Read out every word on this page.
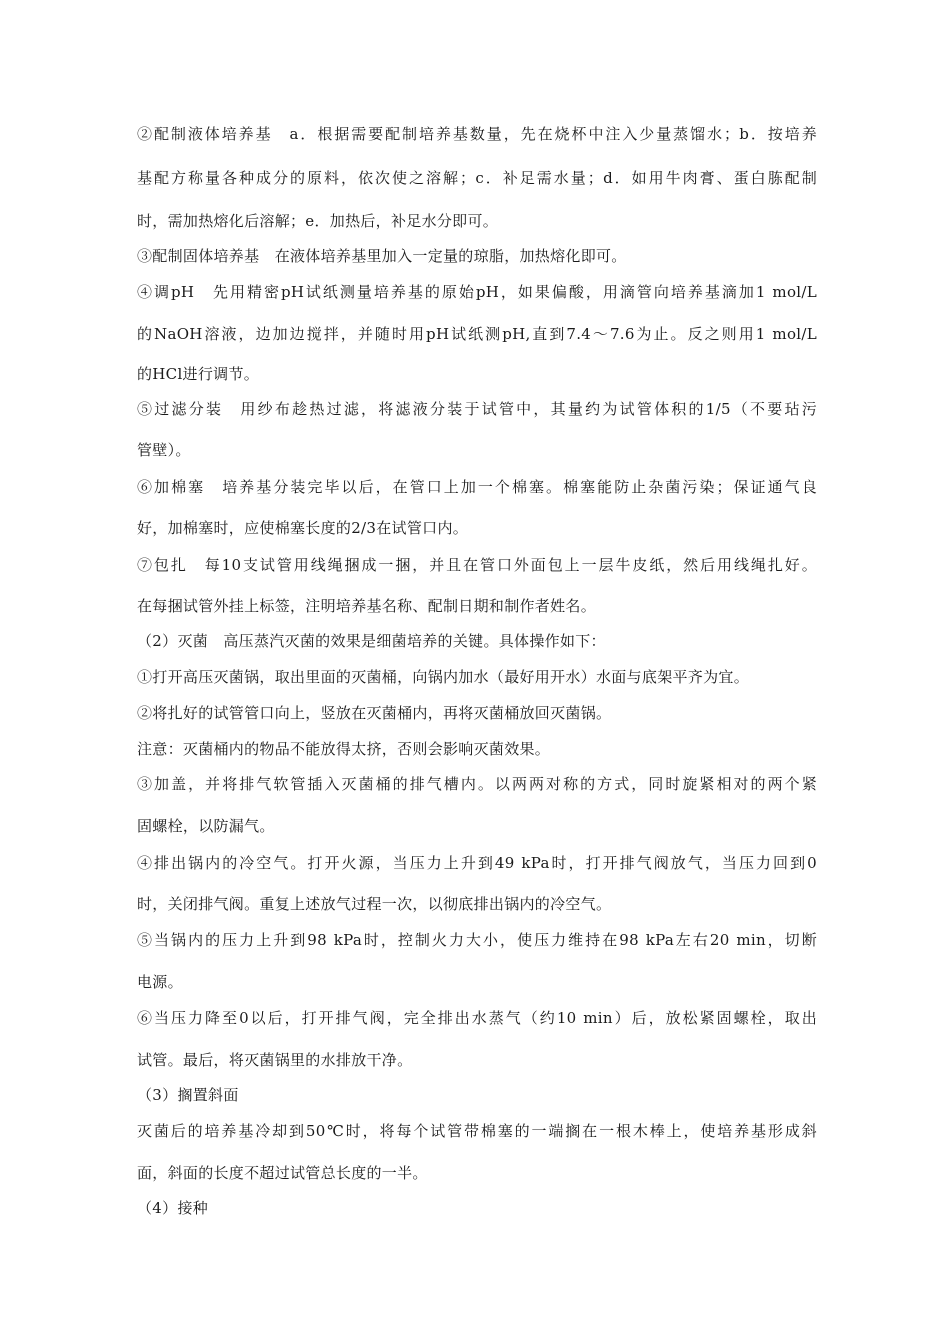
②配制液体培养基　a．根据需要配制培养基数量，先在烧杯中注入少量蒸馏水；b．按培养
基配方称量各种成分的原料，依次使之溶解；c．补足需水量；d．如用牛肉膏、蛋白胨配制
时，需加热熔化后溶解；e．加热后，补足水分即可。
③配制固体培养基　在液体培养基里加入一定量的琼脂，加热熔化即可。
④调pH　先用精密pH试纸测量培养基的原始pH，如果偏酸，用滴管向培养基滴加1 mol/L
的NaOH溶液，边加边搅拌，并随时用pH试纸测pH,直到7.4～7.6为止。反之则用1 mol/L
的HCl进行调节。
⑤过滤分装　用纱布趁热过滤，将滤液分装于试管中，其量约为试管体积的1/5（不要玷污
管壁）。
⑥加棉塞　培养基分装完毕以后，在管口上加一个棉塞。棉塞能防止杂菌污染；保证通气良
好，加棉塞时，应使棉塞长度的2/3在试管口内。
⑦包扎　每10支试管用线绳捆成一捆，并且在管口外面包上一层牛皮纸，然后用线绳扎好。
在每捆试管外挂上标签，注明培养基名称、配制日期和制作者姓名。
（2）灭菌　高压蒸汽灭菌的效果是细菌培养的关键。具体操作如下：
①打开高压灭菌锅，取出里面的灭菌桶，向锅内加水（最好用开水）水面与底架平齐为宜。
②将扎好的试管管口向上，竖放在灭菌桶内，再将灭菌桶放回灭菌锅。
注意：灭菌桶内的物品不能放得太挤，否则会影响灭菌效果。
③加盖，并将排气软管插入灭菌桶的排气槽内。以两两对称的方式，同时旋紧相对的两个紧
固螺栓，以防漏气。
④排出锅内的冷空气。打开火源，当压力上升到49 kPa时，打开排气阀放气，当压力回到0
时，关闭排气阀。重复上述放气过程一次，以彻底排出锅内的冷空气。
⑤当锅内的压力上升到98 kPa时，控制火力大小，使压力维持在98 kPa左右20 min，切断
电源。
⑥当压力降至0以后，打开排气阀，完全排出水蒸气（约10 min）后，放松紧固螺栓，取出
试管。最后，将灭菌锅里的水排放干净。
（3）搁置斜面
灭菌后的培养基冷却到50℃时，将每个试管带棉塞的一端搁在一根木棒上，使培养基形成斜
面，斜面的长度不超过试管总长度的一半。
（4）接种
